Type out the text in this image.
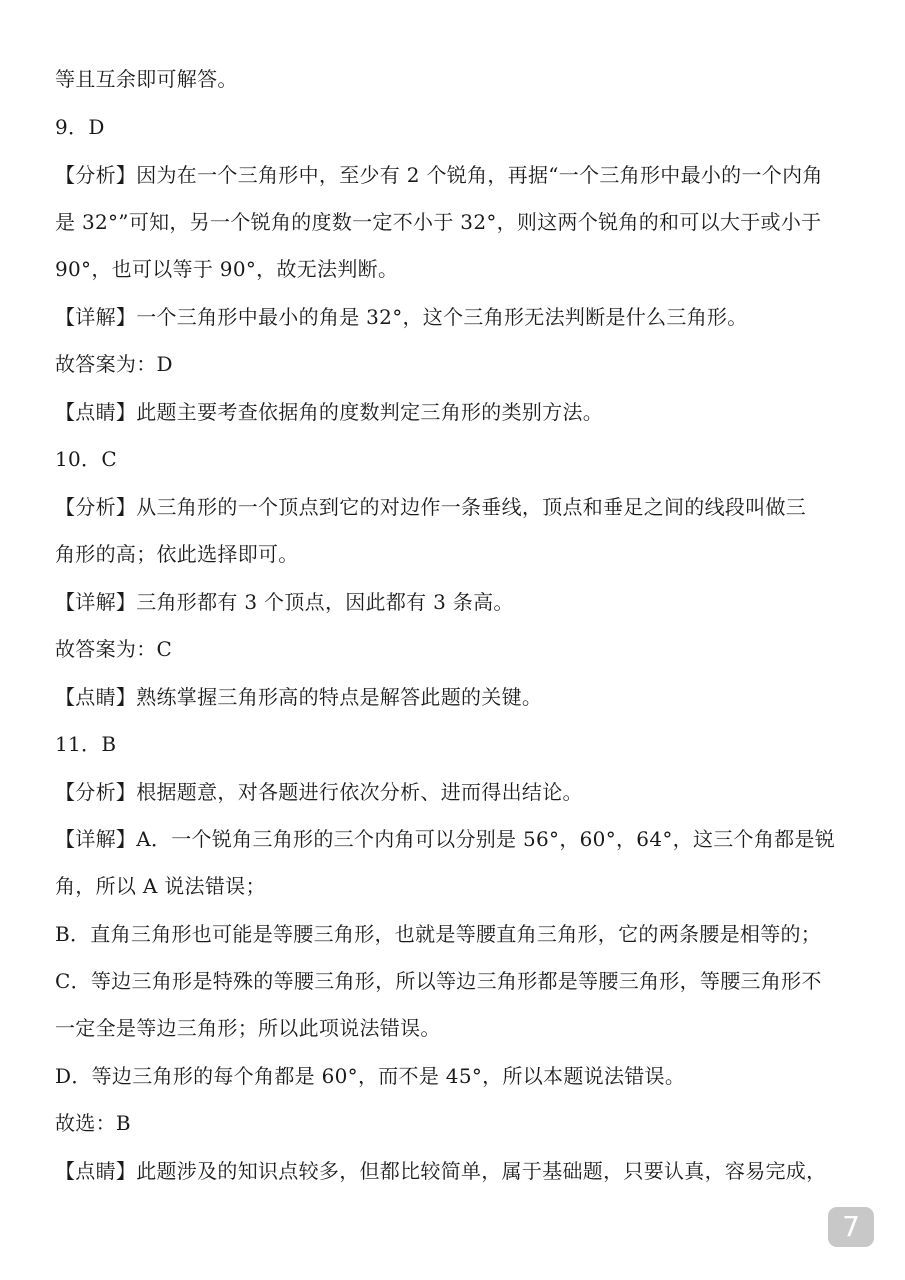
等且互余即可解答。
9．D
【分析】因为在一个三角形中，至少有 2 个锐角，再据“一个三角形中最小的一个内角
是 32°”可知，另一个锐角的度数一定不小于 32°，则这两个锐角的和可以大于或小于
90°，也可以等于 90°，故无法判断。
【详解】一个三角形中最小的角是 32°，这个三角形无法判断是什么三角形。
故答案为：D
【点睛】此题主要考查依据角的度数判定三角形的类别方法。
10．C
【分析】从三角形的一个顶点到它的对边作一条垂线，顶点和垂足之间的线段叫做三
角形的高；依此选择即可。
【详解】三角形都有 3 个顶点，因此都有 3 条高。
故答案为：C
【点睛】熟练掌握三角形高的特点是解答此题的关键。
11．B
【分析】根据题意，对各题进行依次分析、进而得出结论。
【详解】A．一个锐角三角形的三个内角可以分别是 56°，60°，64°，这三个角都是锐
角，所以 A 说法错误；
B．直角三角形也可能是等腰三角形，也就是等腰直角三角形，它的两条腰是相等的；
C．等边三角形是特殊的等腰三角形，所以等边三角形都是等腰三角形，等腰三角形不
一定全是等边三角形；所以此项说法错误。
D．等边三角形的每个角都是 60°，而不是 45°，所以本题说法错误。
故选：B
【点睛】此题涉及的知识点较多，但都比较简单，属于基础题，只要认真，容易完成，
7
